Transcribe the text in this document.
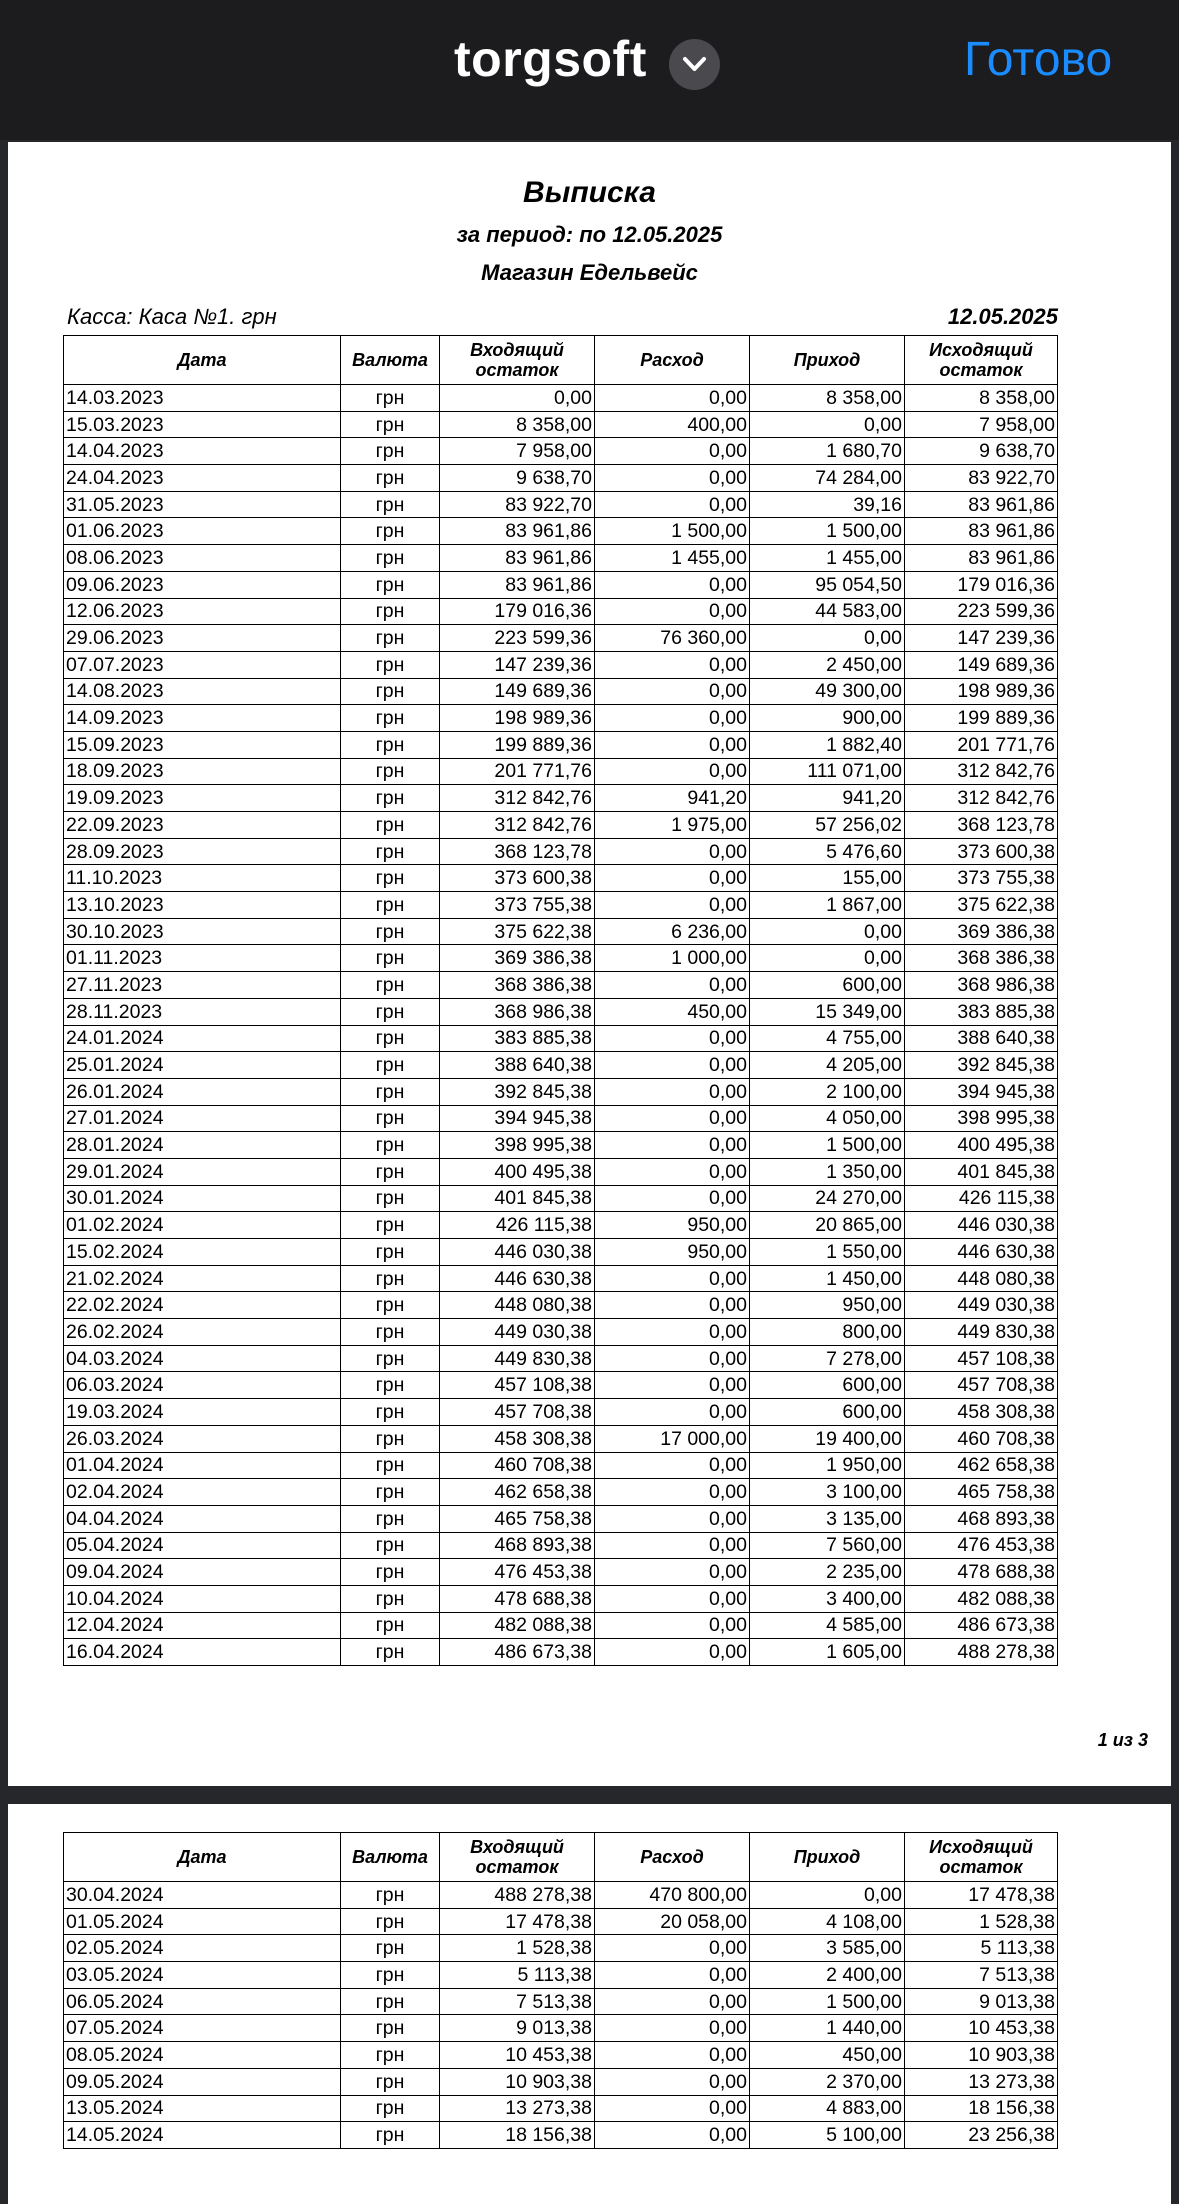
torgsoft	Готово
Выписка
за период: по 12.05.2025
Магазин Едельвейс
Касса: Каса №1. грн	12.05.2025
Дата	Валюта	Входящий остаток	Расход	Приход	Исходящий остаток
14.03.2023	грн	0,00	0,00	8 358,00	8 358,00
15.03.2023	грн	8 358,00	400,00	0,00	7 958,00
14.04.2023	грн	7 958,00	0,00	1 680,70	9 638,70
24.04.2023	грн	9 638,70	0,00	74 284,00	83 922,70
31.05.2023	грн	83 922,70	0,00	39,16	83 961,86
01.06.2023	грн	83 961,86	1 500,00	1 500,00	83 961,86
08.06.2023	грн	83 961,86	1 455,00	1 455,00	83 961,86
09.06.2023	грн	83 961,86	0,00	95 054,50	179 016,36
12.06.2023	грн	179 016,36	0,00	44 583,00	223 599,36
29.06.2023	грн	223 599,36	76 360,00	0,00	147 239,36
07.07.2023	грн	147 239,36	0,00	2 450,00	149 689,36
14.08.2023	грн	149 689,36	0,00	49 300,00	198 989,36
14.09.2023	грн	198 989,36	0,00	900,00	199 889,36
15.09.2023	грн	199 889,36	0,00	1 882,40	201 771,76
18.09.2023	грн	201 771,76	0,00	111 071,00	312 842,76
19.09.2023	грн	312 842,76	941,20	941,20	312 842,76
22.09.2023	грн	312 842,76	1 975,00	57 256,02	368 123,78
28.09.2023	грн	368 123,78	0,00	5 476,60	373 600,38
11.10.2023	грн	373 600,38	0,00	155,00	373 755,38
13.10.2023	грн	373 755,38	0,00	1 867,00	375 622,38
30.10.2023	грн	375 622,38	6 236,00	0,00	369 386,38
01.11.2023	грн	369 386,38	1 000,00	0,00	368 386,38
27.11.2023	грн	368 386,38	0,00	600,00	368 986,38
28.11.2023	грн	368 986,38	450,00	15 349,00	383 885,38
24.01.2024	грн	383 885,38	0,00	4 755,00	388 640,38
25.01.2024	грн	388 640,38	0,00	4 205,00	392 845,38
26.01.2024	грн	392 845,38	0,00	2 100,00	394 945,38
27.01.2024	грн	394 945,38	0,00	4 050,00	398 995,38
28.01.2024	грн	398 995,38	0,00	1 500,00	400 495,38
29.01.2024	грн	400 495,38	0,00	1 350,00	401 845,38
30.01.2024	грн	401 845,38	0,00	24 270,00	426 115,38
01.02.2024	грн	426 115,38	950,00	20 865,00	446 030,38
15.02.2024	грн	446 030,38	950,00	1 550,00	446 630,38
21.02.2024	грн	446 630,38	0,00	1 450,00	448 080,38
22.02.2024	грн	448 080,38	0,00	950,00	449 030,38
26.02.2024	грн	449 030,38	0,00	800,00	449 830,38
04.03.2024	грн	449 830,38	0,00	7 278,00	457 108,38
06.03.2024	грн	457 108,38	0,00	600,00	457 708,38
19.03.2024	грн	457 708,38	0,00	600,00	458 308,38
26.03.2024	грн	458 308,38	17 000,00	19 400,00	460 708,38
01.04.2024	грн	460 708,38	0,00	1 950,00	462 658,38
02.04.2024	грн	462 658,38	0,00	3 100,00	465 758,38
04.04.2024	грн	465 758,38	0,00	3 135,00	468 893,38
05.04.2024	грн	468 893,38	0,00	7 560,00	476 453,38
09.04.2024	грн	476 453,38	0,00	2 235,00	478 688,38
10.04.2024	грн	478 688,38	0,00	3 400,00	482 088,38
12.04.2024	грн	482 088,38	0,00	4 585,00	486 673,38
16.04.2024	грн	486 673,38	0,00	1 605,00	488 278,38
1 из 3
Дата	Валюта	Входящий остаток	Расход	Приход	Исходящий остаток
30.04.2024	грн	488 278,38	470 800,00	0,00	17 478,38
01.05.2024	грн	17 478,38	20 058,00	4 108,00	1 528,38
02.05.2024	грн	1 528,38	0,00	3 585,00	5 113,38
03.05.2024	грн	5 113,38	0,00	2 400,00	7 513,38
06.05.2024	грн	7 513,38	0,00	1 500,00	9 013,38
07.05.2024	грн	9 013,38	0,00	1 440,00	10 453,38
08.05.2024	грн	10 453,38	0,00	450,00	10 903,38
09.05.2024	грн	10 903,38	0,00	2 370,00	13 273,38
13.05.2024	грн	13 273,38	0,00	4 883,00	18 156,38
14.05.2024	грн	18 156,38	0,00	5 100,00	23 256,38
